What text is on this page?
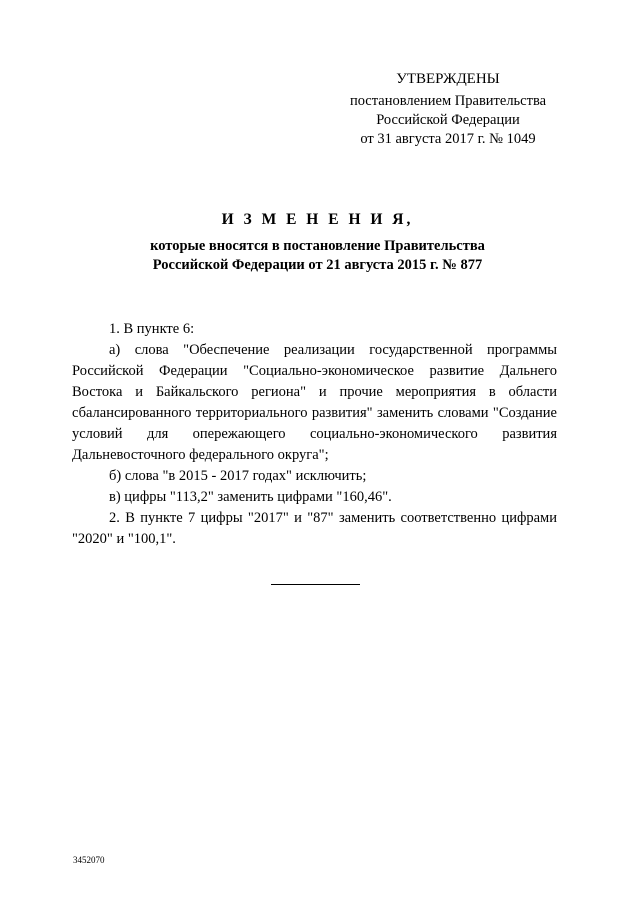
УТВЕРЖДЕНЫ
постановлением Правительства
Российской Федерации
от 31 августа 2017 г. № 1049
И З М Е Н Е Н И Я,
которые вносятся в постановление Правительства
Российской Федерации от 21 августа 2015 г. № 877

1. В пункте 6:

а) слова "Обеспечение реализации государственной программы Российской Федерации "Социально-экономическое развитие Дальнего Востока и Байкальского региона" и прочие мероприятия в области сбалансированного территориального развития" заменить словами "Создание условий для опережающего социально-экономического развития Дальневосточного федерального округа";

б) слова "в 2015 - 2017 годах" исключить;

в) цифры "113,2" заменить цифрами "160,46".

2. В пункте 7 цифры "2017" и "87" заменить соответственно цифрами "2020" и "100,1".

3452070
